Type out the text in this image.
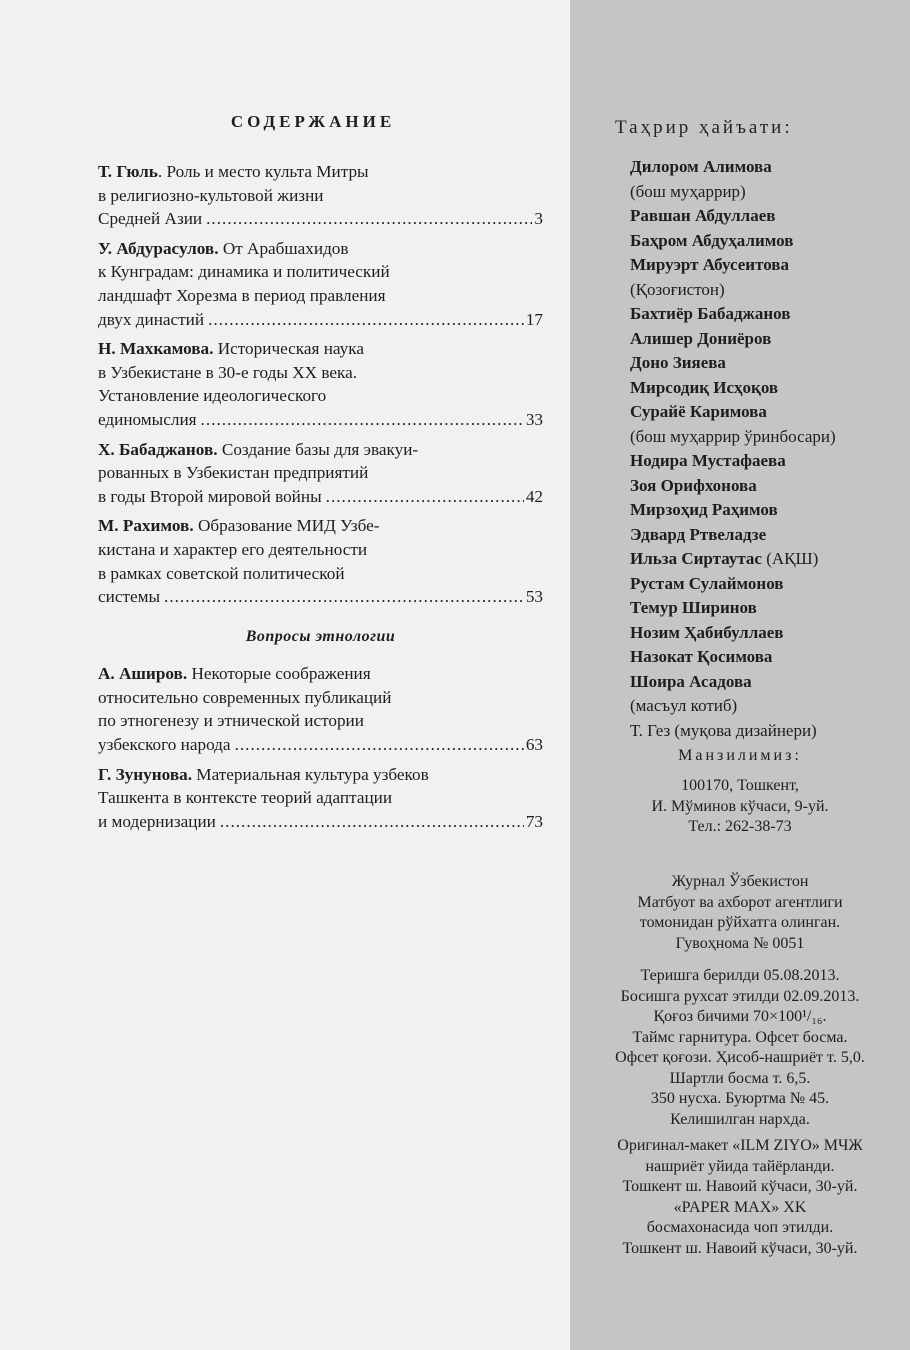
СОДЕРЖАНИЕ
Т. Гюль. Роль и место культа Митры
в религиозно-культовой жизни
Средней Азии .....	3
У. Абдурасулов. От Арабшахидов
к Кунградам: динамика и политический
ландшафт Хорезма в период правления
двух династий .....	17
Н. Махкамова. Историческая наука
в Узбекистане в 30-е годы XX века.
Установление идеологического
единомыслия .....	33
Х. Бабаджанов. Создание базы для эвакуи-
рованных в Узбекистан предприятий
в годы Второй мировой войны .....	42
М. Рахимов. Образование МИД Узбе-
кистана и характер его деятельности
в рамках советской политической
системы .....	53
Вопросы этнологии
А. Аширов. Некоторые соображения
относительно современных публикаций
по этногенезу и этнической истории
узбекского народа .....	63
Г. Зунунова. Материальная культура узбеков
Ташкента в контексте теорий адаптации
и модернизации .....	73
Таҳрир ҳайъати:
Дилором Алимова
(бош муҳаррир)
Равшан Абдуллаев
Баҳром Абдуҳалимов
Мируэрт Абусеитова
(Қозоғистон)
Бахтиёр Бабаджанов
Алишер Дониёров
Доно Зияева
Мирсодиқ Исҳоқов
Сурайё Каримова
(бош муҳаррир ўринбосари)
Нодира Мустафаева
Зоя Орифхонова
Мирзоҳид Раҳимов
Эдвард Ртвеладзе
Ильза Сиртаутас (АҚШ)
Рустам Сулаймонов
Темур Ширинов
Нозим Ҳабибуллаев
Назокат Қосимова
Шоира Асадова
(масъул котиб)
Т. Гез (муқова дизайнери)
Манзилимиз:
100170, Тошкент,
И. Мўминов кўчаси, 9-уй.
Тел.: 262-38-73
Журнал Ўзбекистон
Матбуот ва ахборот агентлиги
томонидан рўйхатга олинган.
Гувоҳнома № 0051
Теришга берилди 05.08.2013.
Босишга рухсат этилди 02.09.2013.
Қоғоз бичими 70×100¹/₁₆.
Таймс гарнитура. Офсет босма.
Офсет қоғози. Ҳисоб-нашриёт т. 5,0.
Шартли босма т. 6,5.
350 нусха. Буюртма № 45.
Келишилган нархда.
Оригинал-макет «ILM ZIYO» МЧЖ
нашриёт уйида тайёрланди.
Тошкент ш. Навоий кўчаси, 30-уй.
«PAPER MAX» XK
босмахонасида чоп этилди.
Тошкент ш. Навоий кўчаси, 30-уй.
